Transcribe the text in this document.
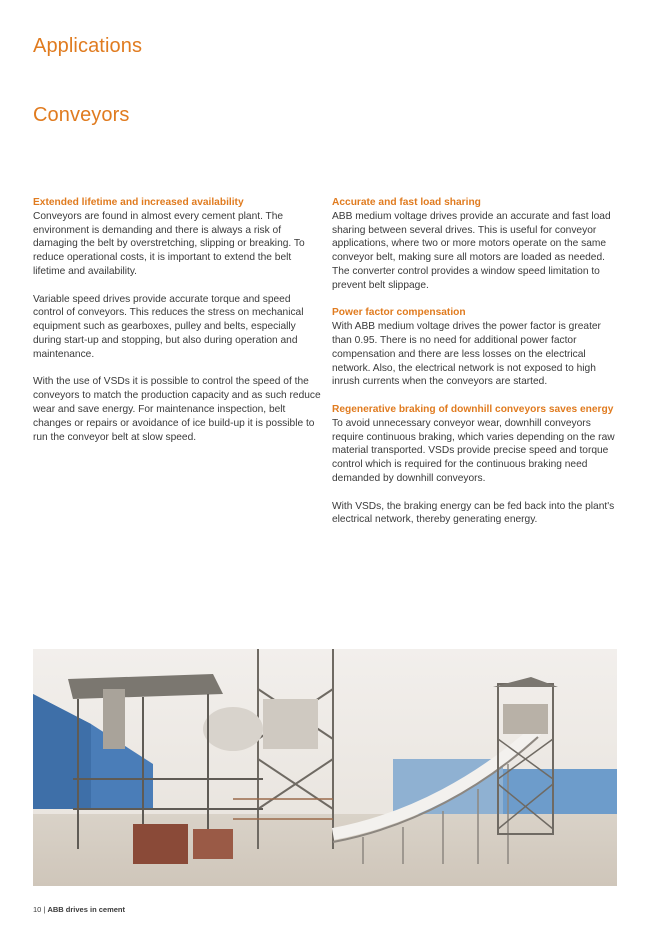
Applications
Conveyors

Extended lifetime and increased availability

Conveyors are found in almost every cement plant. The environment is demanding and there is always a risk of damaging the belt by overstretching, slipping or breaking. To reduce operational costs, it is important to extend the belt lifetime and availability.

Variable speed drives provide accurate torque and speed control of conveyors. This reduces the stress on mechanical equipment such as gearboxes, pulley and belts, especially during start-up and stopping, but also during operation and maintenance.

With the use of VSDs it is possible to control the speed of the conveyors to match the production capacity and as such reduce wear and save energy. For maintenance inspection, belt changes or repairs or avoidance of ice build-up it is possible to run the conveyor belt at slow speed.

Accurate and fast load sharing

ABB medium voltage drives provide an accurate and fast load sharing between several drives. This is useful for conveyor applications, where two or more motors operate on the same conveyor belt, making sure all motors are loaded as needed. The converter control provides a window speed limitation to prevent belt slippage.

Power factor compensation

With ABB medium voltage drives the power factor is greater than 0.95. There is no need for additional power factor compensation and there are less losses on the electrical network. Also, the electrical network is not exposed to high inrush currents when the conveyors are started.

Regenerative braking of downhill conveyors saves energy

To avoid unnecessary conveyor wear, downhill conveyors require continuous braking, which varies depending on the raw material transported. VSDs provide precise speed and torque control which is required for the continuous braking need demanded by downhill conveyors.

With VSDs, the braking energy can be fed back into the plant's electrical network, thereby generating energy.

10 | ABB drives in cement
